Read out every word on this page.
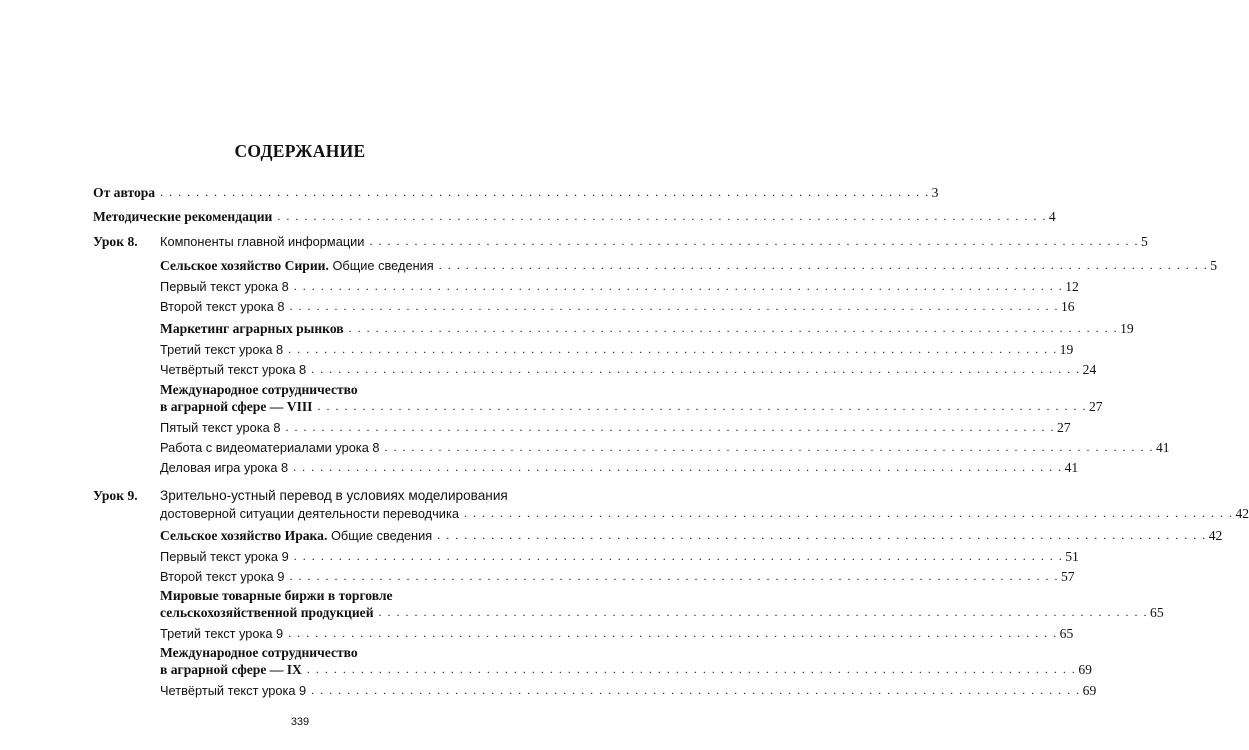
СОДЕРЖАНИЕ
От автора . . . . . . . . . . . . . . . . . . . . . . . . . . . . . . . . . . . . . . . . . . . . . . . . . . . . . . . . . . . . . . . . . . . . . . . . . . . . . . . . . . . . . . 3
Методические рекомендации . . . . . . . . . . . . . . . . . . . . . . . . . . . . . . . . . . . . . . . . . . . . . . . . . . . . . . . . . . . . . . . . . . . . . . . . . . . . . . . . . . . . . . 4
Урок 8. Компоненты главной информации . . . . . . . . . . . . . . . . . . . . . . . . . . . . . . . . . . . . . . . . . . . . . . . . . . . . . . . . . . . . . . . . . . . . . . . . . . . . . . . . . . . . . . 5
Сельское хозяйство Сирии. Общие сведения . . . . . . . . . . . . . . . . . . . . . . . . . . . . . . . . . . . . . . . . . . . . . . . . . . . . . . . . . . . . . . . . . . . . . . . . . . . . . . . . . . . . . . 5
Первый текст урока 8 . . . . . . . . . . . . . . . . . . . . . . . . . . . . . . . . . . . . . . . . . . . . . . . . . . . . . . . . . . . . . . . . . . . . . . . . . . . . . . . . . . . . . . 12
Второй текст урока 8 . . . . . . . . . . . . . . . . . . . . . . . . . . . . . . . . . . . . . . . . . . . . . . . . . . . . . . . . . . . . . . . . . . . . . . . . . . . . . . . . . . . . . . 16
Маркетинг аграрных рынков . . . . . . . . . . . . . . . . . . . . . . . . . . . . . . . . . . . . . . . . . . . . . . . . . . . . . . . . . . . . . . . . . . . . . . . . . . . . . . . . . . . . . . 19
Третий текст урока 8 . . . . . . . . . . . . . . . . . . . . . . . . . . . . . . . . . . . . . . . . . . . . . . . . . . . . . . . . . . . . . . . . . . . . . . . . . . . . . . . . . . . . . . 19
Четвёртый текст урока 8 . . . . . . . . . . . . . . . . . . . . . . . . . . . . . . . . . . . . . . . . . . . . . . . . . . . . . . . . . . . . . . . . . . . . . . . . . . . . . . . . . . . . . . 24
Международное сотрудничество
в аграрной сфере — VIII . . . . . . . . . . . . . . . . . . . . . . . . . . . . . . . . . . . . . . . . . . . . . . . . . . . . . . . . . . . . . . . . . . . . . . . . . . . . . . . . . . . . . . 27
Пятый текст урока 8 . . . . . . . . . . . . . . . . . . . . . . . . . . . . . . . . . . . . . . . . . . . . . . . . . . . . . . . . . . . . . . . . . . . . . . . . . . . . . . . . . . . . . . 27
Работа с видеоматериалами урока 8 . . . . . . . . . . . . . . . . . . . . . . . . . . . . . . . . . . . . . . . . . . . . . . . . . . . . . . . . . . . . . . . . . . . . . . . . . . . . . . . . . . . . . . 41
Деловая игра урока 8 . . . . . . . . . . . . . . . . . . . . . . . . . . . . . . . . . . . . . . . . . . . . . . . . . . . . . . . . . . . . . . . . . . . . . . . . . . . . . . . . . . . . . . 41
Урок 9. Зрительно-устный перевод в условиях моделирования
достоверной ситуации деятельности переводчика . . . . . . . . . . . . . . . . . . . . . . . . . . . . . . . . . . . . . . . . . . . . . . . . . . . . . . . . . . . . . . . . . . . . . . . . . . . . . . . . . . . . . . 42
Сельское хозяйство Ирака. Общие сведения . . . . . . . . . . . . . . . . . . . . . . . . . . . . . . . . . . . . . . . . . . . . . . . . . . . . . . . . . . . . . . . . . . . . . . . . . . . . . . . . . . . . . . 42
Первый текст урока 9 . . . . . . . . . . . . . . . . . . . . . . . . . . . . . . . . . . . . . . . . . . . . . . . . . . . . . . . . . . . . . . . . . . . . . . . . . . . . . . . . . . . . . . 51
Второй текст урока 9 . . . . . . . . . . . . . . . . . . . . . . . . . . . . . . . . . . . . . . . . . . . . . . . . . . . . . . . . . . . . . . . . . . . . . . . . . . . . . . . . . . . . . . 57
Мировые товарные биржи в торговле
сельскохозяйственной продукцией . . . . . . . . . . . . . . . . . . . . . . . . . . . . . . . . . . . . . . . . . . . . . . . . . . . . . . . . . . . . . . . . . . . . . . . . . . . . . . . . . . . . . . 65
Третий текст урока 9 . . . . . . . . . . . . . . . . . . . . . . . . . . . . . . . . . . . . . . . . . . . . . . . . . . . . . . . . . . . . . . . . . . . . . . . . . . . . . . . . . . . . . . 65
Международное сотрудничество
в аграрной сфере — IX . . . . . . . . . . . . . . . . . . . . . . . . . . . . . . . . . . . . . . . . . . . . . . . . . . . . . . . . . . . . . . . . . . . . . . . . . . . . . . . . . . . . . . 69
Четвёртый текст урока 9 . . . . . . . . . . . . . . . . . . . . . . . . . . . . . . . . . . . . . . . . . . . . . . . . . . . . . . . . . . . . . . . . . . . . . . . . . . . . . . . . . . . . . . 69
339
